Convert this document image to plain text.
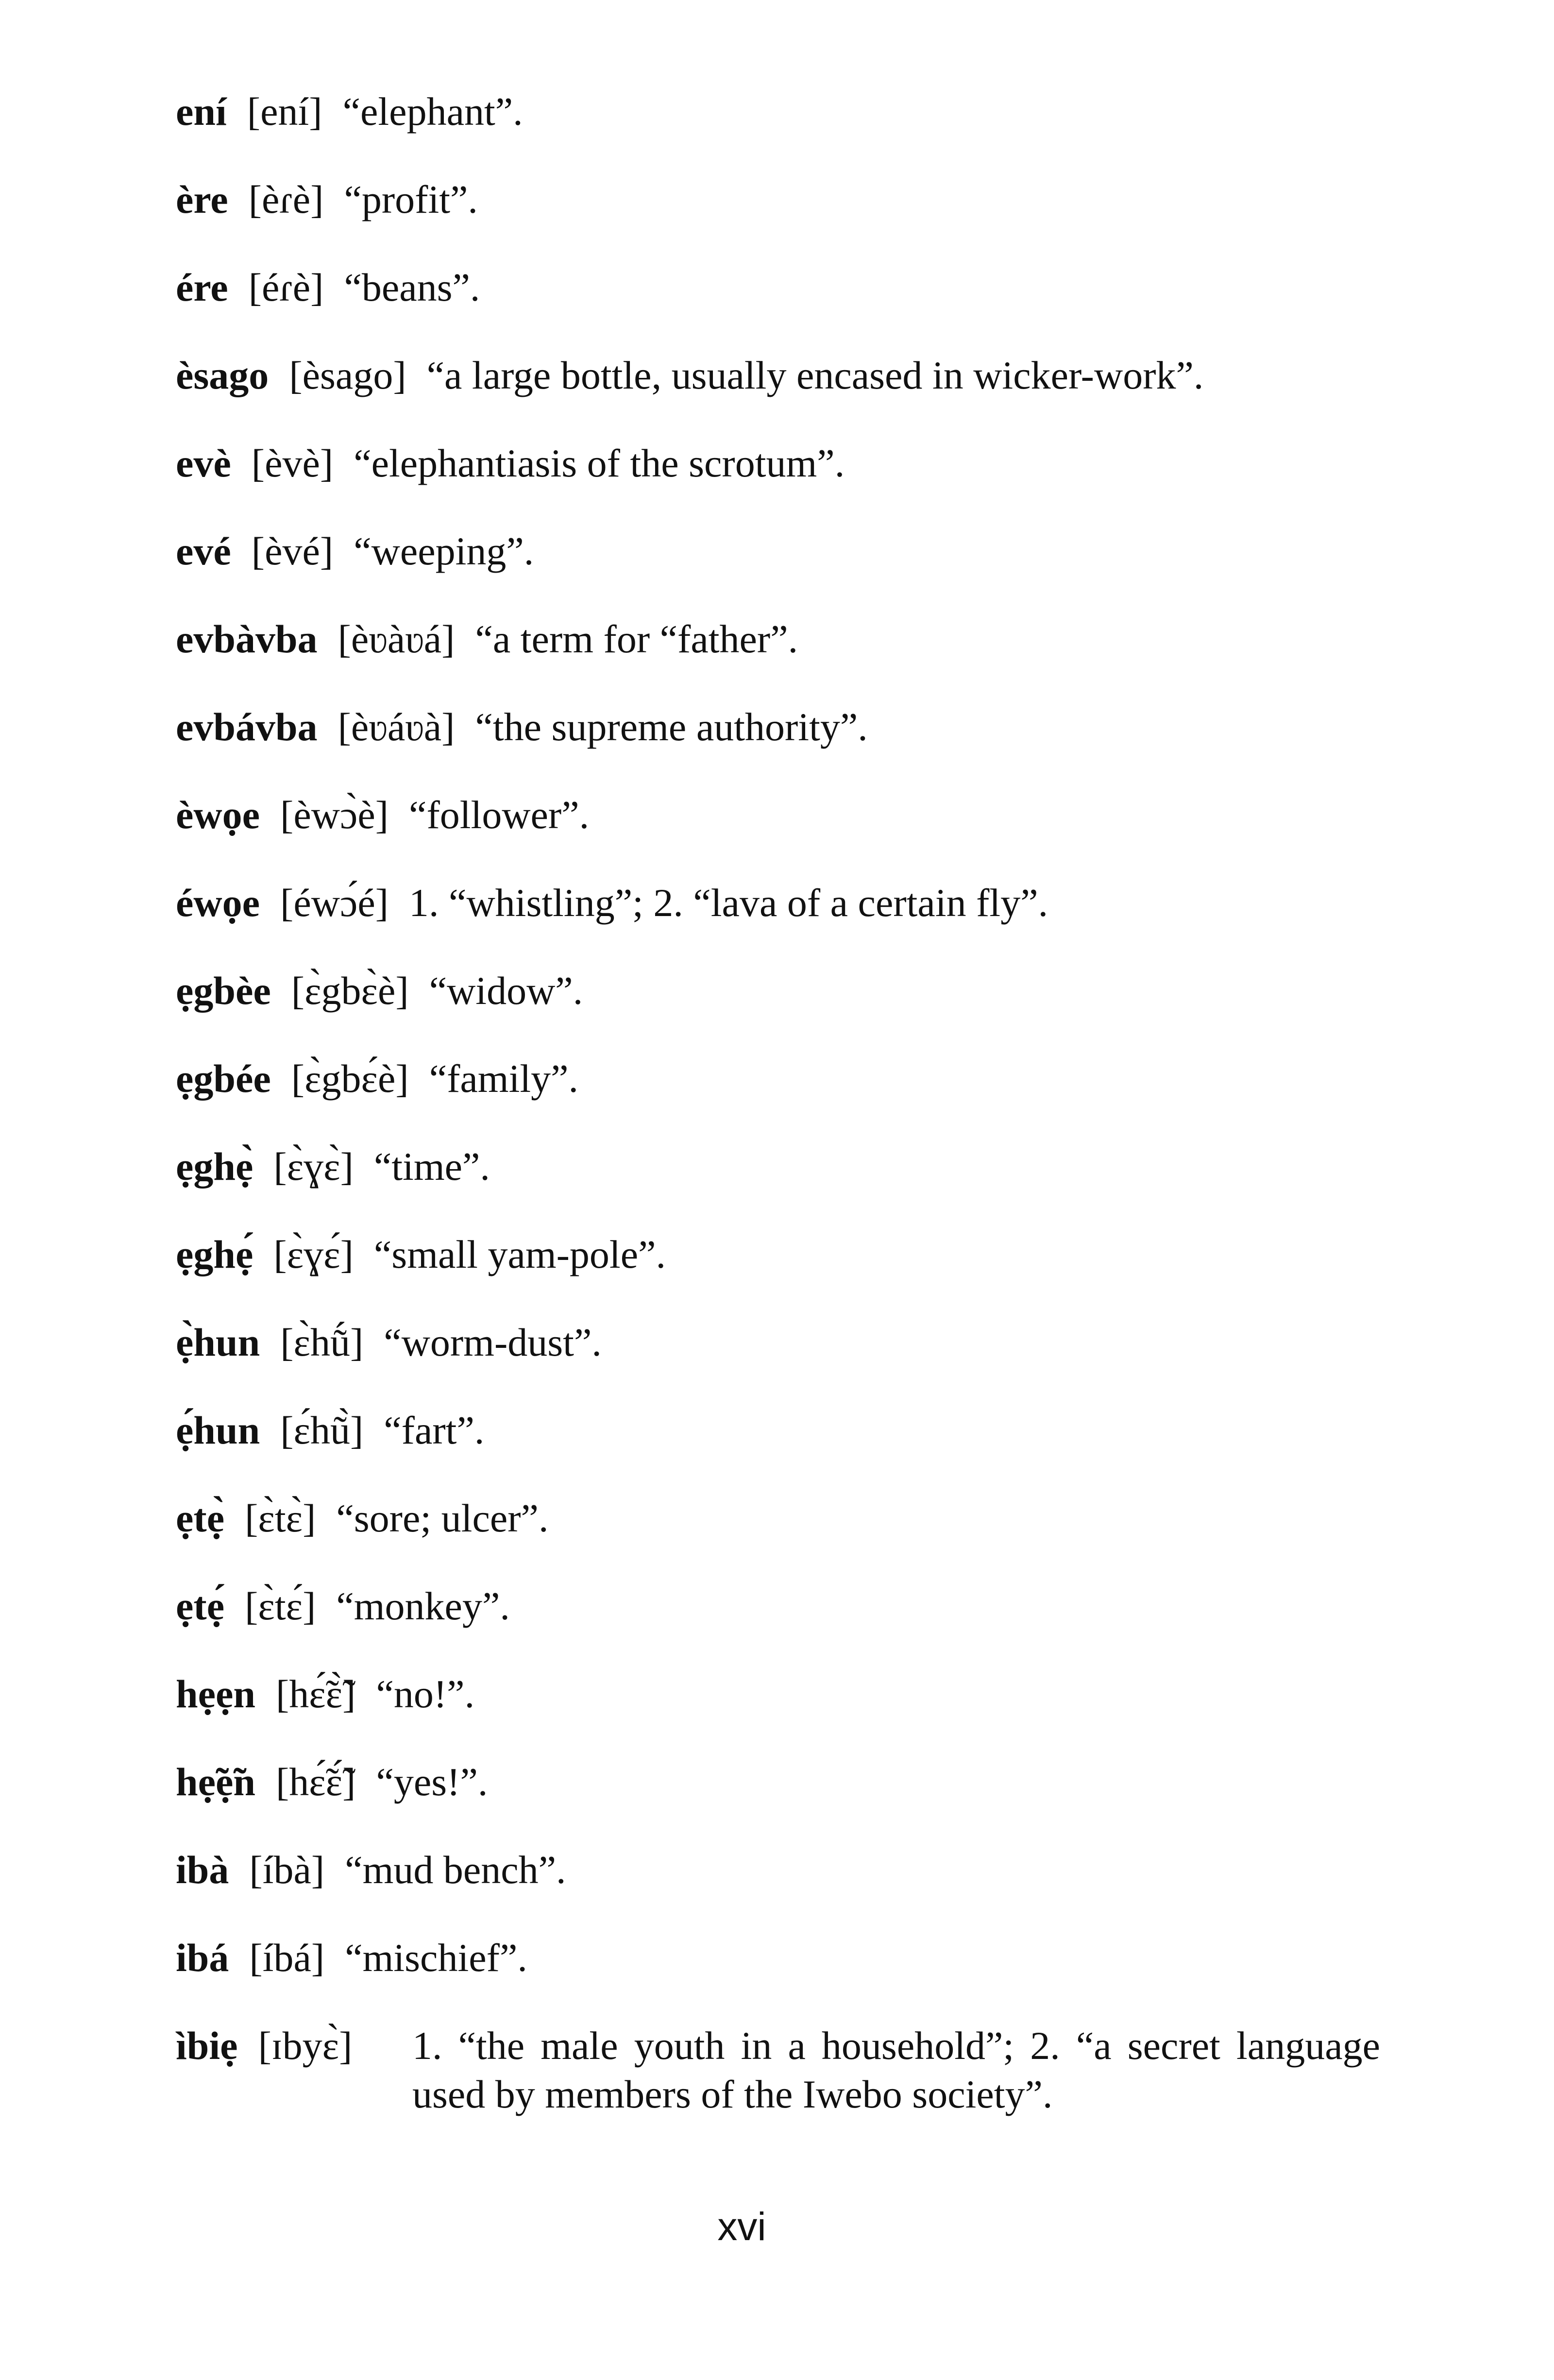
ení [ení] “elephant”.
ère [èɾè] “profit”.
ére [éɾè] “beans”.
èsago [èsago] “a large bottle, usually encased in wicker-work”.
evè [èvè] “elephantiasis of the scrotum”.
evé [èvé] “weeping”.
evbàvba [èʋàʋá] “a term for “father”.
evbávba [èʋáʋà] “the supreme authority”.
èwọe [èwɔ̀è] “follower”.
éwọe [éwɔ́é] 1. “whistling”; 2. “lava of a certain fly”.
ẹgbèe [ɛ̀gbɛ̀è] “widow”.
ẹgbée [ɛ̀gbɛ́è] “family”.
ẹghẹ̀ [ɛ̀ɣɛ̀] “time”.
ẹghẹ́ [ɛ̀ɣɛ́] “small yam-pole”.
ẹ̀hun [ɛ̀hṹ] “worm-dust”.
ẹ́hun [ɛ́hũ̀] “fart”.
ẹtẹ̀ [ɛ̀tɛ̀] “sore; ulcer”.
ẹtẹ́ [ɛ̀tɛ́] “monkey”.
hẹẹn [hɛ̃́ɛ̃̀] “no!”.
hẹ̃ẹ̃n [hɛ̃́ɛ̃́] “yes!”.
ibà [íbà] “mud bench”.
ibá [íbá] “mischief”.
ìbiẹ [ɪbyɛ̀]	1. “the male youth in a household”; 2. “a secret language used by members of the Iwebo society”.
xvi
